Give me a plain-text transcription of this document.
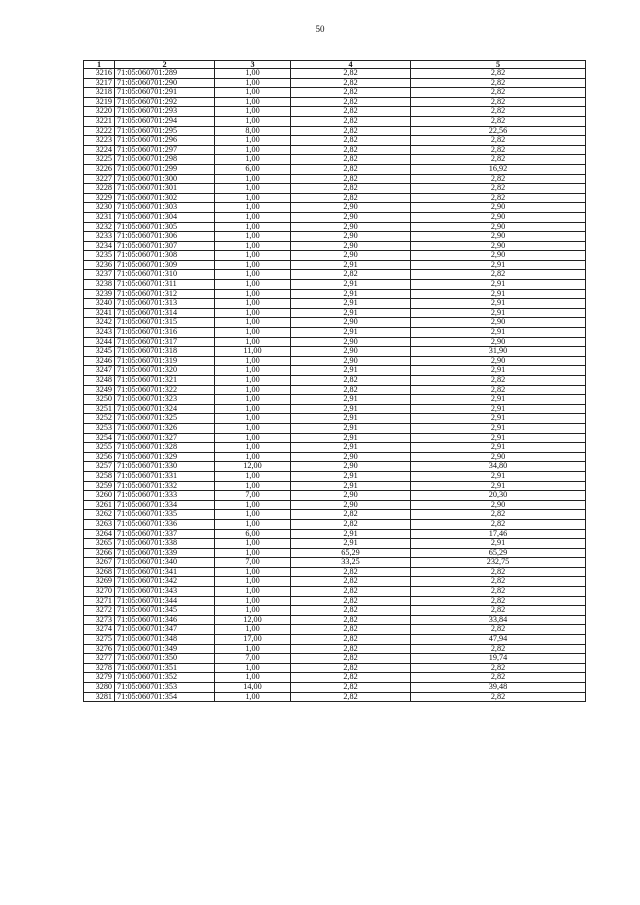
50
1	2	3	4	5
3216	71:05:060701:289	1,00	2,82	2,82
3217	71:05:060701:290	1,00	2,82	2,82
3218	71:05:060701:291	1,00	2,82	2,82
3219	71:05:060701:292	1,00	2,82	2,82
3220	71:05:060701:293	1,00	2,82	2,82
3221	71:05:060701:294	1,00	2,82	2,82
3222	71:05:060701:295	8,00	2,82	22,56
3223	71:05:060701:296	1,00	2,82	2,82
3224	71:05:060701:297	1,00	2,82	2,82
3225	71:05:060701:298	1,00	2,82	2,82
3226	71:05:060701:299	6,00	2,82	16,92
3227	71:05:060701:300	1,00	2,82	2,82
3228	71:05:060701:301	1,00	2,82	2,82
3229	71:05:060701:302	1,00	2,82	2,82
3230	71:05:060701:303	1,00	2,90	2,90
3231	71:05:060701:304	1,00	2,90	2,90
3232	71:05:060701:305	1,00	2,90	2,90
3233	71:05:060701:306	1,00	2,90	2,90
3234	71:05:060701:307	1,00	2,90	2,90
3235	71:05:060701:308	1,00	2,90	2,90
3236	71:05:060701:309	1,00	2,91	2,91
3237	71:05:060701:310	1,00	2,82	2,82
3238	71:05:060701:311	1,00	2,91	2,91
3239	71:05:060701:312	1,00	2,91	2,91
3240	71:05:060701:313	1,00	2,91	2,91
3241	71:05:060701:314	1,00	2,91	2,91
3242	71:05:060701:315	1,00	2,90	2,90
3243	71:05:060701:316	1,00	2,91	2,91
3244	71:05:060701:317	1,00	2,90	2,90
3245	71:05:060701:318	11,00	2,90	31,90
3246	71:05:060701:319	1,00	2,90	2,90
3247	71:05:060701:320	1,00	2,91	2,91
3248	71:05:060701:321	1,00	2,82	2,82
3249	71:05:060701:322	1,00	2,82	2,82
3250	71:05:060701:323	1,00	2,91	2,91
3251	71:05:060701:324	1,00	2,91	2,91
3252	71:05:060701:325	1,00	2,91	2,91
3253	71:05:060701:326	1,00	2,91	2,91
3254	71:05:060701:327	1,00	2,91	2,91
3255	71:05:060701:328	1,00	2,91	2,91
3256	71:05:060701:329	1,00	2,90	2,90
3257	71:05:060701:330	12,00	2,90	34,80
3258	71:05:060701:331	1,00	2,91	2,91
3259	71:05:060701:332	1,00	2,91	2,91
3260	71:05:060701:333	7,00	2,90	20,30
3261	71:05:060701:334	1,00	2,90	2,90
3262	71:05:060701:335	1,00	2,82	2,82
3263	71:05:060701:336	1,00	2,82	2,82
3264	71:05:060701:337	6,00	2,91	17,46
3265	71:05:060701:338	1,00	2,91	2,91
3266	71:05:060701:339	1,00	65,29	65,29
3267	71:05:060701:340	7,00	33,25	232,75
3268	71:05:060701:341	1,00	2,82	2,82
3269	71:05:060701:342	1,00	2,82	2,82
3270	71:05:060701:343	1,00	2,82	2,82
3271	71:05:060701:344	1,00	2,82	2,82
3272	71:05:060701:345	1,00	2,82	2,82
3273	71:05:060701:346	12,00	2,82	33,84
3274	71:05:060701:347	1,00	2,82	2,82
3275	71:05:060701:348	17,00	2,82	47,94
3276	71:05:060701:349	1,00	2,82	2,82
3277	71:05:060701:350	7,00	2,82	19,74
3278	71:05:060701:351	1,00	2,82	2,82
3279	71:05:060701:352	1,00	2,82	2,82
3280	71:05:060701:353	14,00	2,82	39,48
3281	71:05:060701:354	1,00	2,82	2,82
